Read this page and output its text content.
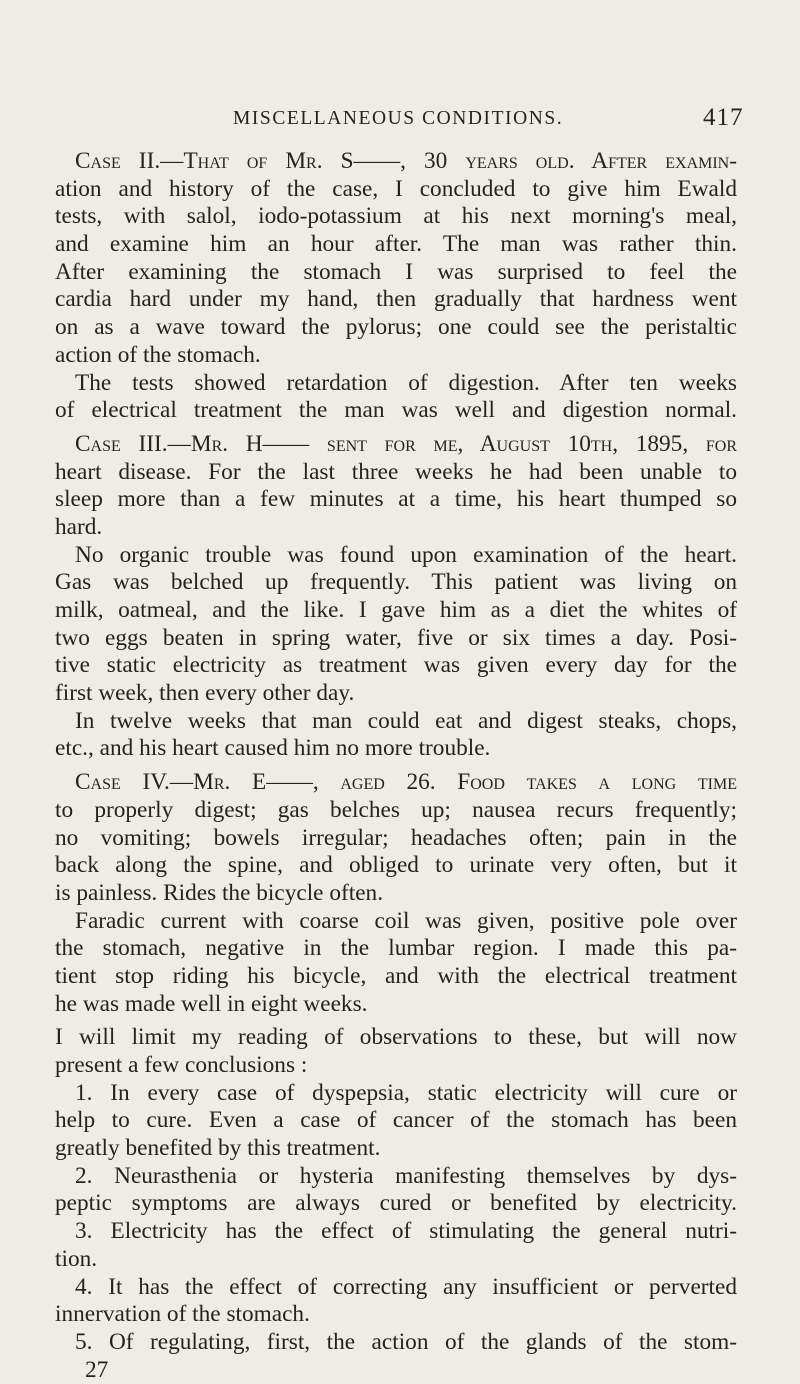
MISCELLANEOUS CONDITIONS.	417
Case II.—That of Mr. S——, 30 years old. After examin-
ation and history of the case, I concluded to give him Ewald
tests, with salol, iodo-potassium at his next morning's meal,
and examine him an hour after. The man was rather thin.
After examining the stomach I was surprised to feel the
cardia hard under my hand, then gradually that hardness went
on as a wave toward the pylorus; one could see the peristaltic
action of the stomach.
The tests showed retardation of digestion. After ten weeks
of electrical treatment the man was well and digestion normal.
Case III.—Mr. H—— sent for me, August 10th, 1895, for
heart disease. For the last three weeks he had been unable to
sleep more than a few minutes at a time, his heart thumped so
hard.
No organic trouble was found upon examination of the heart.
Gas was belched up frequently. This patient was living on
milk, oatmeal, and the like. I gave him as a diet the whites of
two eggs beaten in spring water, five or six times a day. Posi-
tive static electricity as treatment was given every day for the
first week, then every other day.
In twelve weeks that man could eat and digest steaks, chops,
etc., and his heart caused him no more trouble.
Case IV.—Mr. E——, aged 26. Food takes a long time
to properly digest; gas belches up; nausea recurs frequently;
no vomiting; bowels irregular; headaches often; pain in the
back along the spine, and obliged to urinate very often, but it
is painless. Rides the bicycle often.
Faradic current with coarse coil was given, positive pole over
the stomach, negative in the lumbar region. I made this pa-
tient stop riding his bicycle, and with the electrical treatment
he was made well in eight weeks.
I will limit my reading of observations to these, but will now
present a few conclusions :
1. In every case of dyspepsia, static electricity will cure or
help to cure. Even a case of cancer of the stomach has been
greatly benefited by this treatment.
2. Neurasthenia or hysteria manifesting themselves by dys-
peptic symptoms are always cured or benefited by electricity.
3. Electricity has the effect of stimulating the general nutri-
tion.
4. It has the effect of correcting any insufficient or perverted
innervation of the stomach.
5. Of regulating, first, the action of the glands of the stom-
27
